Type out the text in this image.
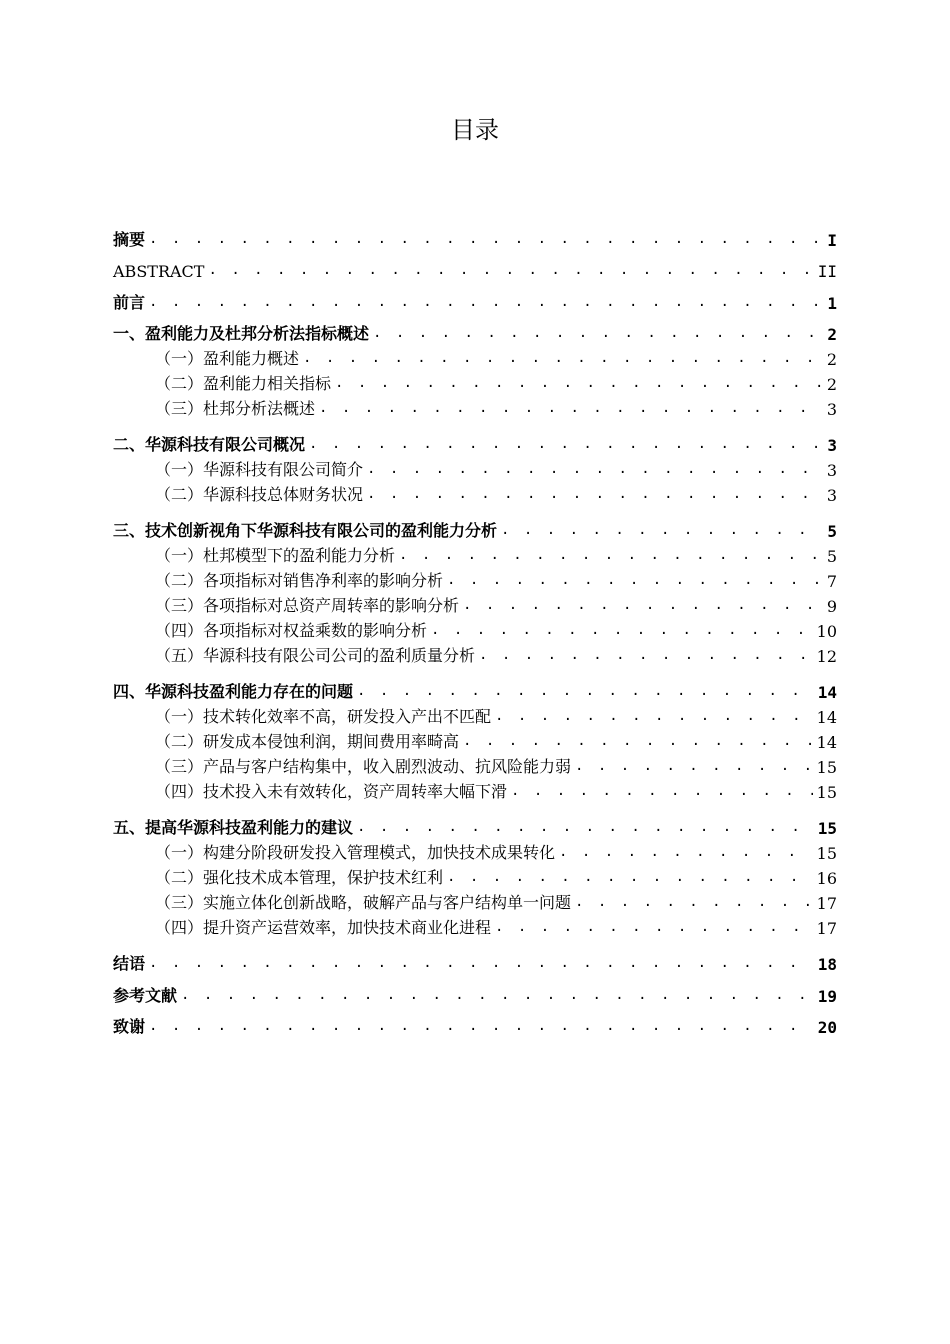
目录
摘要 . . .	I
ABSTRACT . . .	II
前言 . . .	1
一、 盈利能力及杜邦分析法指标概述 . . .	2
（一）盈利能力概述 . . .	2
（二）盈利能力相关指标 . . .	2
（三）杜邦分析法概述 . . .	3
二、 华源科技有限公司概况 . . .	3
（一）华源科技有限公司简介 . . .	3
（二）华源科技总体财务状况 . . .	3
三、 技术创新视角下华源科技有限公司的盈利能力分析 . . .	5
（一）杜邦模型下的盈利能力分析 . . .	5
（二）各项指标对销售净利率的影响分析 . . .	7
（三）各项指标对总资产周转率的影响分析 . . .	9
（四）各项指标对权益乘数的影响分析 . . .	10
（五）华源科技有限公司公司的盈利质量分析 . . .	12
四、 华源科技盈利能力存在的问题 . . .	14
（一）技术转化效率不高，研发投入产出不匹配 . . .	14
（二）研发成本侵蚀利润，期间费用率畸高 . . .	14
（三）产品与客户结构集中，收入剧烈波动、抗风险能力弱 . . .	15
（四）技术投入未有效转化，资产周转率大幅下滑 . . .	15
五、 提高华源科技盈利能力的建议 . . .	15
（一）构建分阶段研发投入管理模式，加快技术成果转化 . . .	15
（二）强化技术成本管理，保护技术红利 . . .	16
（三）实施立体化创新战略，破解产品与客户结构单一问题 . . .	17
（四）提升资产运营效率，加快技术商业化进程 . . .	17
结语 . . .	18
参考文献 . . .	19
致谢 . . .	20
